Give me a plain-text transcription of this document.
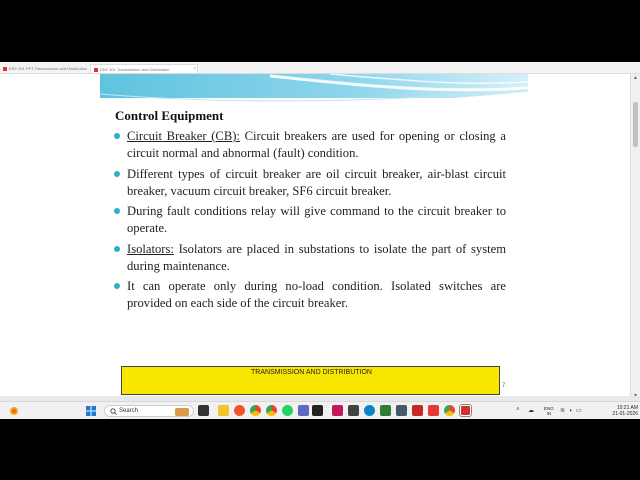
EEE 301 PPT Transmission and Distribution	EEE 301 Transmission and Distribution	×
▲
Control Equipment
Circuit Breaker (CB): Circuit breakers are used for opening or closing a circuit normal and abnormal (fault) condition.
Different types of circuit breaker are oil circuit breaker, air-blast circuit breaker, vacuum circuit breaker, SF6 circuit breaker.
During fault conditions relay will give command to the circuit breaker to operate.
Isolators: Isolators are placed in substations to isolate the part of system during maintenance.
It can operate only during no-load condition. Isolated switches are provided on each side of the circuit breaker.
TRANSMISSION AND DISTRIBUTION
7
Search	˄ ☁ ENG
IN	≋ ◖ ▭	10:21 AM
21-01-2026
